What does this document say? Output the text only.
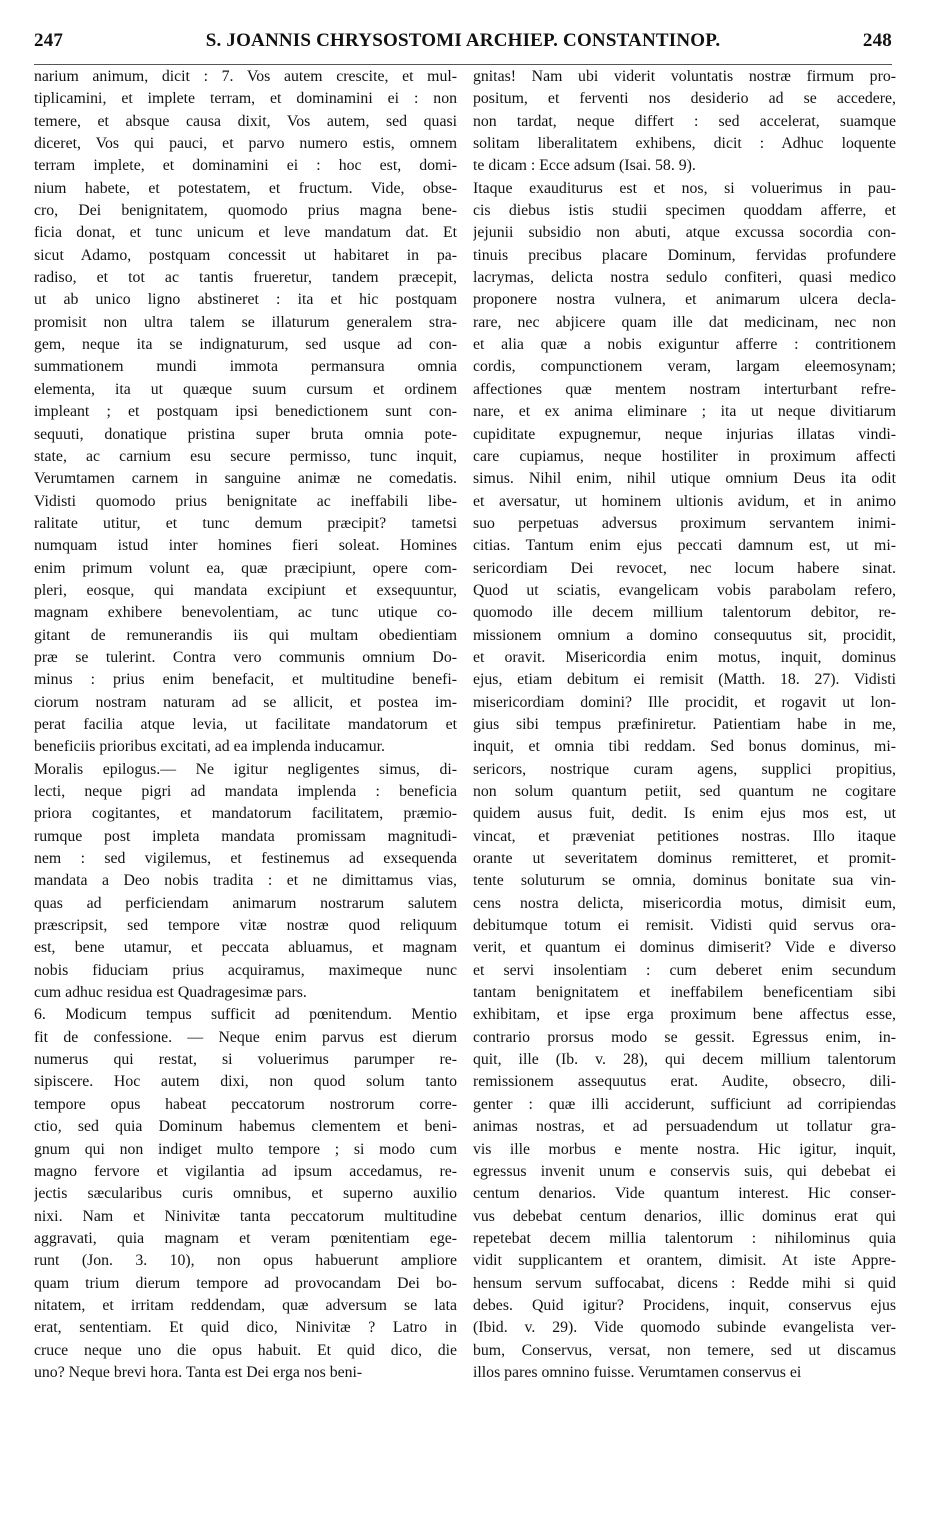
247	S. JOANNIS CHRYSOSTOMI ARCHIEP. CONSTANTINOP.	248
narium animum, dicit : 7. Vos autem crescite, et mul-
tiplicamini, et implete terram, et dominamini ei : non
temere, et absque causa dixit, Vos autem, sed quasi
diceret, Vos qui pauci, et parvo numero estis, omnem
terram implete, et dominamini ei : hoc est, domi-
nium habete, et potestatem, et fructum. Vide, obse-
cro, Dei benignitatem, quomodo prius magna bene-
ficia donat, et tunc unicum et leve mandatum dat. Et
sicut Adamo, postquam concessit ut habitaret in pa-
radiso, et tot ac tantis frueretur, tandem præcepit,
ut ab unico ligno abstineret : ita et hic postquam
promisit non ultra talem se illaturum generalem stra-
gem, neque ita se indignaturum, sed usque ad con-
summationem mundi immota permansura omnia
elementa, ita ut quæque suum cursum et ordinem
impleant ; et postquam ipsi benedictionem sunt con-
sequuti, donatique pristina super bruta omnia pote-
state, ac carnium esu secure permisso, tunc inquit,
Verumtamen carnem in sanguine animæ ne comedatis.
Vidisti quomodo prius benignitate ac ineffabili libe-
ralitate utitur, et tunc demum præcipit? tametsi
numquam istud inter homines fieri soleat. Homines
enim primum volunt ea, quæ præcipiunt, opere com-
pleri, eosque, qui mandata excipiunt et exsequuntur,
magnam exhibere benevolentiam, ac tunc utique co-
gitant de remunerandis iis qui multam obedientiam
præ se tulerint. Contra vero communis omnium Do-
minus : prius enim benefacit, et multitudine benefi-
ciorum nostram naturam ad se allicit, et postea im-
perat facilia atque levia, ut facilitate mandatorum et
beneficiis prioribus excitati, ad ea implenda inducamur.
Moralis epilogus.— Ne igitur negligentes simus, di-
lecti, neque pigri ad mandata implenda : beneficia
priora cogitantes, et mandatorum facilitatem, præmio-
rumque post impleta mandata promissam magnitudi-
nem : sed vigilemus, et festinemus ad exsequenda
mandata a Deo nobis tradita : et ne dimittamus vias,
quas ad perficiendam animarum nostrarum salutem
præscripsit, sed tempore vitæ nostræ quod reliquum
est, bene utamur, et peccata abluamus, et magnam
nobis fiduciam prius acquiramus, maximeque nunc
cum adhuc residua est Quadragesimæ pars.
6. Modicum tempus sufficit ad pœnitendum. Mentio
fit de confessione. — Neque enim parvus est dierum
numerus qui restat, si voluerimus parumper re-
sipiscere. Hoc autem dixi, non quod solum tanto
tempore opus habeat peccatorum nostrorum corre-
ctio, sed quia Dominum habemus clementem et beni-
gnum qui non indiget multo tempore ; si modo cum
magno fervore et vigilantia ad ipsum accedamus, re-
jectis sæcularibus curis omnibus, et superno auxilio
nixi. Nam et Ninivitæ tanta peccatorum multitudine
aggravati, quia magnam et veram pœnitentiam ege-
runt (Jon. 3. 10), non opus habuerunt ampliore
quam trium dierum tempore ad provocandam Dei bo-
nitatem, et irritam reddendam, quæ adversum se lata
erat, sententiam. Et quid dico, Ninivitæ ? Latro in
cruce neque uno die opus habuit. Et quid dico, die
uno? Neque brevi hora. Tanta est Dei erga nos beni-
gnitas! Nam ubi viderit voluntatis nostræ firmum pro-
positum, et ferventi nos desiderio ad se accedere,
non tardat, neque differt : sed accelerat, suamque
solitam liberalitatem exhibens, dicit : Adhuc loquente
te dicam : Ecce adsum (Isai. 58. 9).
Itaque exauditurus est et nos, si voluerimus in pau-
cis diebus istis studii specimen quoddam afferre, et
jejunii subsidio non abuti, atque excussa socordia con-
tinuis precibus placare Dominum, fervidas profundere
lacrymas, delicta nostra sedulo confiteri, quasi medico
proponere nostra vulnera, et animarum ulcera decla-
rare, nec abjicere quam ille dat medicinam, nec non
et alia quæ a nobis exiguntur afferre : contritionem
cordis, compunctionem veram, largam eleemosynam;
affectiones quæ mentem nostram interturbant refre-
nare, et ex anima eliminare ; ita ut neque divitiarum
cupiditate expugnemur, neque injurias illatas vindi-
care cupiamus, neque hostiliter in proximum affecti
simus. Nihil enim, nihil utique omnium Deus ita odit
et aversatur, ut hominem ultionis avidum, et in animo
suo perpetuas adversus proximum servantem inimi-
citias. Tantum enim ejus peccati damnum est, ut mi-
sericordiam Dei revocet, nec locum habere sinat.
Quod ut sciatis, evangelicam vobis parabolam refero,
quomodo ille decem millium talentorum debitor, re-
missionem omnium a domino consequutus sit, procidit,
et oravit. Misericordia enim motus, inquit, dominus
ejus, etiam debitum ei remisit (Matth. 18. 27). Vidisti
misericordiam domini? Ille procidit, et rogavit ut lon-
gius sibi tempus præfiniretur. Patientiam habe in me,
inquit, et omnia tibi reddam. Sed bonus dominus, mi-
sericors, nostrique curam agens, supplici propitius,
non solum quantum petiit, sed quantum ne cogitare
quidem ausus fuit, dedit. Is enim ejus mos est, ut
vincat, et præveniat petitiones nostras. Illo itaque
orante ut severitatem dominus remitteret, et promit-
tente soluturum se omnia, dominus bonitate sua vin-
cens nostra delicta, misericordia motus, dimisit eum,
debitumque totum ei remisit. Vidisti quid servus ora-
verit, et quantum ei dominus dimiserit? Vide e diverso
et servi insolentiam : cum deberet enim secundum
tantam benignitatem et ineffabilem beneficentiam sibi
exhibitam, et ipse erga proximum bene affectus esse,
contrario prorsus modo se gessit. Egressus enim, in-
quit, ille (Ib. v. 28), qui decem millium talentorum
remissionem assequutus erat. Audite, obsecro, dili-
genter : quæ illi acciderunt, sufficiunt ad corripiendas
animas nostras, et ad persuadendum ut tollatur gra-
vis ille morbus e mente nostra. Hic igitur, inquit,
egressus invenit unum e conservis suis, qui debebat ei
centum denarios. Vide quantum interest. Hic conser-
vus debebat centum denarios, illic dominus erat qui
repetebat decem millia talentorum : nihilominus quia
vidit supplicantem et orantem, dimisit. At iste Appre-
hensum servum suffocabat, dicens : Redde mihi si quid
debes. Quid igitur? Procidens, inquit, conservus ejus
(Ibid. v. 29). Vide quomodo subinde evangelista ver-
bum, Conservus, versat, non temere, sed ut discamus
illos pares omnino fuisse. Verumtamen conservus ei
